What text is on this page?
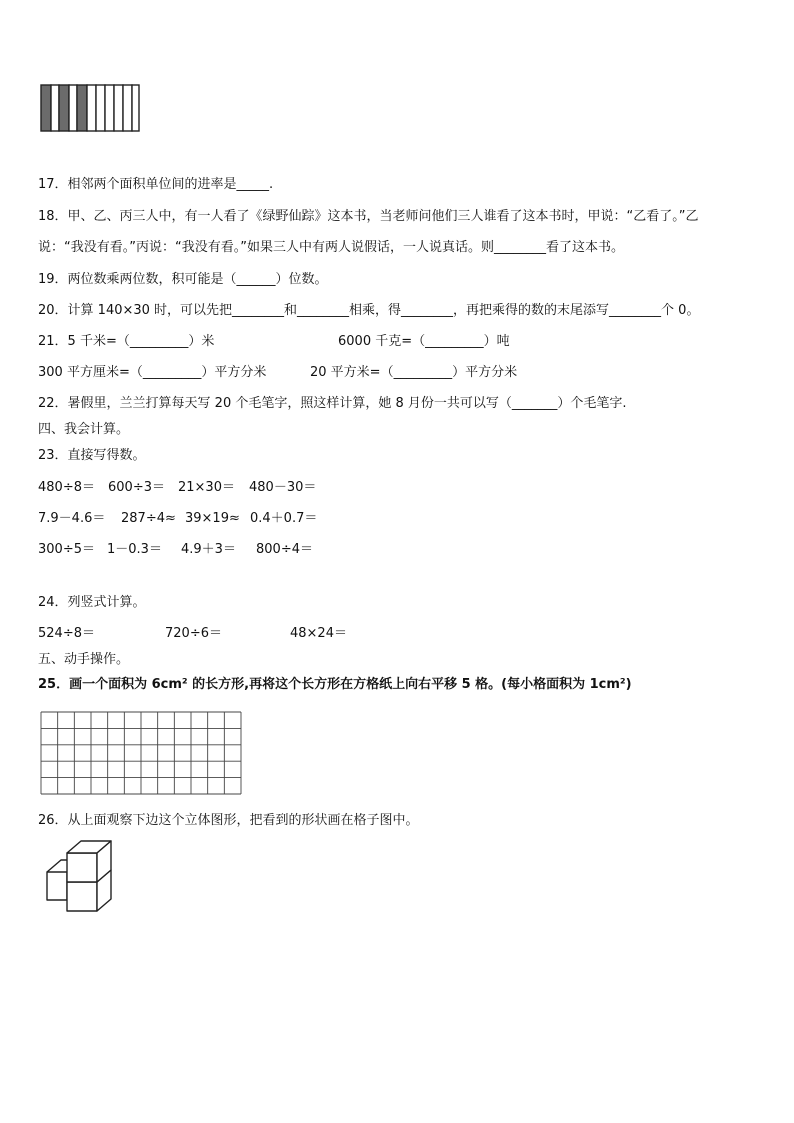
17．相邻两个面积单位间的进率是_____.
18．甲、乙、丙三人中，有一人看了《绿野仙踪》这本书，当老师问他们三人谁看了这本书时，甲说：“乙看了。”乙
说：“我没有看。”丙说：“我没有看。”如果三人中有两人说假话，一人说真话。则________看了这本书。
19．两位数乘两位数，积可能是（______）位数。
20．计算 140×30 时，可以先把________和________相乘，得________，再把乘得的数的末尾添写________个 0。
21．5 千米=（_________）米	6000 千克=（_________）吨
300 平方厘米=（_________）平方分米	20 平方米=（_________）平方分米
22．暑假里，兰兰打算每天写 20 个毛笔字，照这样计算，她 8 月份一共可以写（_______）个毛笔字.
四、我会计算。
23．直接写得数。
480÷8＝ 600÷3＝ 21×30＝ 480－30＝
7.9－4.6＝ 287÷4≈ 39×19≈ 0.4＋0.7＝
300÷5＝ 1－0.3＝ 4.9＋3＝ 800÷4＝
24．列竖式计算。
524÷8＝	720÷6＝	48×24＝
五、动手操作。
25．画一个面积为 6cm² 的长方形,再将这个长方形在方格纸上向右平移 5 格。(每小格面积为 1cm²)
26．从上面观察下边这个立体图形，把看到的形状画在格子图中。
